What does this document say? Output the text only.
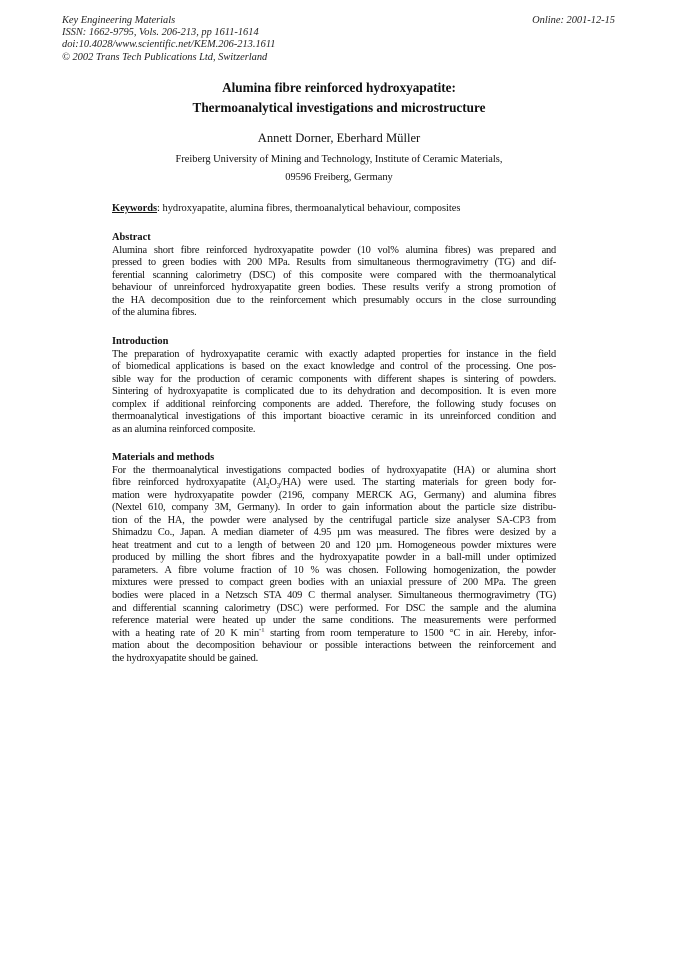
Key Engineering Materials
ISSN: 1662-9795, Vols. 206-213, pp 1611-1614
doi:10.4028/www.scientific.net/KEM.206-213.1611
© 2002 Trans Tech Publications Ltd, Switzerland
Online: 2001-12-15
Alumina fibre reinforced hydroxyapatite:
Thermoanalytical investigations and microstructure
Annett Dorner, Eberhard Müller
Freiberg University of Mining and Technology, Institute of Ceramic Materials,
09596 Freiberg, Germany
Keywords: hydroxyapatite, alumina fibres, thermoanalytical behaviour, composites
Abstract
Alumina short fibre reinforced hydroxyapatite powder (10 vol% alumina fibres) was prepared and
pressed to green bodies with 200 MPa. Results from simultaneous thermogravimetry (TG) and dif-
ferential scanning calorimetry (DSC) of this composite were compared with the thermoanalytical
behaviour of unreinforced hydroxyapatite green bodies. These results verify a strong promotion of
the HA decomposition due to the reinforcement which presumably occurs in the close surrounding
of the alumina fibres.
Introduction
The preparation of hydroxyapatite ceramic with exactly adapted properties for instance in the field
of biomedical applications is based on the exact knowledge and control of the processing. One pos-
sible way for the production of ceramic components with different shapes is sintering of powders.
Sintering of hydroxyapatite is complicated due to its dehydration and decomposition. It is even more
complex if additional reinforcing components are added. Therefore, the following study focuses on
thermoanalytical investigations of this important bioactive ceramic in its unreinforced condition and
as an alumina reinforced composite.
Materials and methods
For the thermoanalytical investigations compacted bodies of hydroxyapatite (HA) or alumina short
fibre reinforced hydroxyapatite $(Al_2O_3/HA)$ were used. The starting materials for green body for-
mation were hydroxyapatite powder (2196, company MERCK AG, Germany) and alumina fibres
(Nextel 610, company 3M, Germany). In order to gain information about the particle size distribu-
tion of the HA, the powder were analysed by the centrifugal particle size analyser SA-CP3 from
Shimadzu Co., Japan. A median diameter of 4.95 µm was measured. The fibres were desized by a
heat treatment and cut to a length of between 20 and 120 µm. Homogeneous powder mixtures were
produced by milling the short fibres and the hydroxyapatite powder in a ball-mill under optimized
parameters. A fibre volume fraction of 10 % was chosen. Following homogenization, the powder
mixtures were pressed to compact green bodies with an uniaxial pressure of 200 MPa. The green
bodies were placed in a Netzsch STA 409 C thermal analyser. Simultaneous thermogravimetry (TG)
and differential scanning calorimetry (DSC) were performed. For DSC the sample and the alumina
reference material were heated up under the same conditions. The measurements were performed
with a heating rate of 20 K $\min^{-1}$ starting from room temperature to 1500 °C in air. Hereby, infor-
mation about the decomposition behaviour or possible interactions between the reinforcement and
the hydroxyapatite should be gained.
